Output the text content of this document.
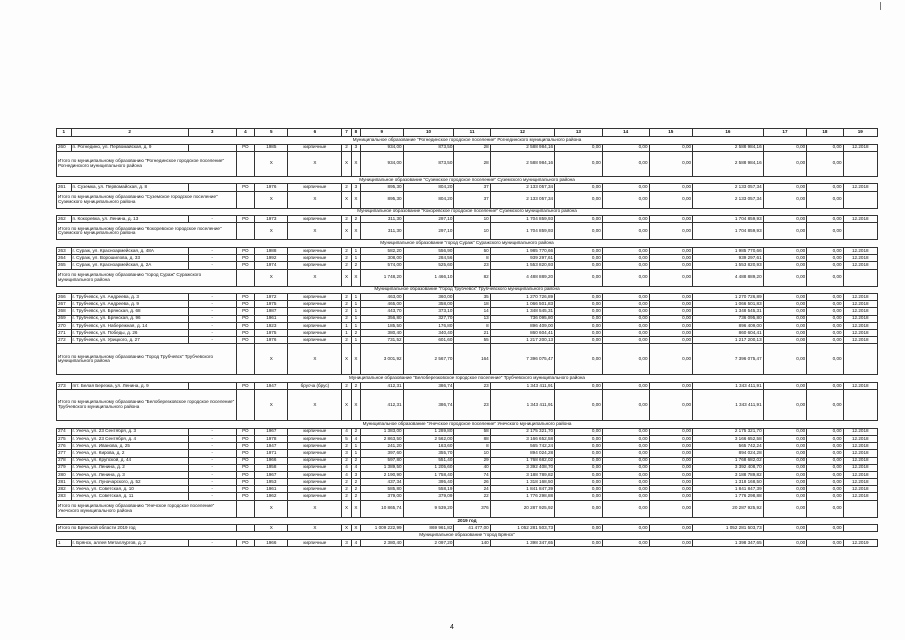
1	2	3	4	5	6	7	8	9	10	11	12	13	14	15	16	17	18	19
Муниципальное образование "Рогнединское городское поселение" Рогнединского муниципального района																		
260	п. Рогнедино, ул. Первомайская, д. 9		РО	1985	кирпичные	2	3	934,00	873,50	28	2 588 984,16	0,00	0,00	0,00	2 588 984,16	0,00	0,00	12.2018
Итого по муниципальному образованию "Рогнединское городское поселение" Рогнединского муниципального района				Х	Х	Х	Х	934,00	873,50	28	2 588 984,16	0,00	0,00	0,00	2 588 984,16	0,00	0,00	
Муниципальное образование "Суземское городское поселение" Суземского муниципального района																		
261	п. Суземка, ул. Первомайская, д. 8		РО	1976	кирпичные	2	3	895,30	804,20	37	2 133 057,34	0,00	0,00	0,00	2 133 057,34	0,00	0,00	12.2018
Итого по муниципальному образованию "Суземское городское поселение" Суземского муниципального района				Х	Х	Х	Х	895,30	804,20	37	2 133 057,34	0,00	0,00	0,00	2 133 057,34	0,00	0,00	
Муниципальное образование "Кокоревское городское поселение" Суземского муниципального района																		
262	п. Кокоревка, ул. Ленина, д. 13	-	РО	1973	кирпичные	2	2	311,30	297,10	10	1 704 859,93	0,00	0,00	0,00	1 704 859,93	0,00	0,00	12.2018
Итого по муниципальному образованию "Кокоревское городское поселение" Суземского муниципального района				Х	Х	Х	Х	311,30	297,10	10	1 704 859,93	0,00	0,00	0,00	1 704 859,93	0,00	0,00	
Муниципальное образование "город Сураж" Суражского муниципального района																		
263	г. Сураж, ул. Красноармейская, д. 48А	-	РО	1988	кирпичные	2	1	582,20	556,90	50	1 985 770,66	0,00	0,00	0,00	1 985 770,66	0,00	0,00	12.2018
264	г. Сураж, ул. Ворошилова, д. 33	-	РО	1992	кирпичные	2	1	308,00	284,56	8	939 297,61	0,00	0,00	0,00	939 297,61	0,00	0,00	12.2018
265	г. Сураж, ул. Красноармейская, д. 2А	-	РО	1974	кирпичные	2	2	574,00	525,60	23	1 553 820,93	0,00	0,00	0,00	1 553 820,93	0,00	0,00	12.2018
Итого по муниципальному образованию "город Сураж" Суражского муниципального района				Х	Х	Х	Х	1 748,20	1 466,10	82	4 488 889,20	0,00	0,00	0,00	4 488 889,20	0,00	0,00	
Муниципальное образование "Город Трубчевск" Трубчевского муниципального района																		
266	г. Трубчевск, ул. Андреева, д. 3	-	РО	1972	кирпичные	2	1	463,00	360,00	35	1 270 726,89	0,00	0,00	0,00	1 270 726,89	0,00	0,00	12.2018
267	г. Трубчевск, ул. Андреева, д. 9	-	РО	1975	кирпичные	2	1	465,00	358,00	18	1 066 501,83	0,00	0,00	0,00	1 066 501,83	0,00	0,00	12.2018
268	г. Трубчевск, ул. Брянская, д. 68	-	РО	1987	кирпичные	2	1	443,70	373,10	14	1 348 545,31	0,00	0,00	0,00	1 348 545,31	0,00	0,00	12.2018
269	г. Трубчевск, ул. Брянская, д. 96	-	РО	1961	кирпичные	2	1	356,80	327,70	13	736 095,80	0,00	0,00	0,00	736 095,80	0,00	0,00	12.2018
270	г. Трубчевск, ул. Набережная, д. 14	-	РО	1923	кирпичные	1	1	185,50	176,80	8	896 409,00	0,00	0,00	0,00	896 409,00	0,00	0,00	12.2018
271	г. Трубчевск, ул. Победы, д. 26	-	РО	1975	кирпичные	1	2	380,40	340,40	21	860 604,41	0,00	0,00	0,00	860 604,41	0,00	0,00	12.2018
272	г. Трубчевск, ул. Урицкого, д. 27	-	РО	1976	кирпичные	2	1	731,52	601,60	55	1 217 200,13	0,00	0,00	0,00	1 217 200,13	0,00	0,00	12.2018
Итого по муниципальному образованию "Город Трубчевск" Трубчевского муниципального района				Х	Х	Х	Х	3 001,92	2 567,70	164	7 396 075,47	0,00	0,00	0,00	7 396 075,47	0,00	0,00	
Муниципальное образование "Белоберезковское городское поселение" Трубчевского муниципального района																		
273	пгт. Белая Березка, ул. Ленина, д. 9		РО	1947	брусча (брус)	2	2	412,31	386,74	23	1 343 411,91	0,00	0,00	0,00	1 343 411,91	0,00	0,00	12.2018
Итого по муниципальному образованию "Белоберезковское городское поселение" Трубчевского муниципального района				Х	Х	Х	Х	412,31	386,74	23	1 343 411,91	0,00	0,00	0,00	1 343 411,91	0,00	0,00	
Муниципальное образование "Унечское городское поселение" Унечского муниципального района																		
274	г. Унеча, ул. 23 Сентября, д. 3	-	РО	1967	кирпичные	4	2	1 383,00	1 289,80	58	2 175 321,70	0,00	0,00	0,00	2 175 321,70	0,00	0,00	12.2018
275	г. Унеча, ул. 23 Сентября, д. 4	-	РО	1978	кирпичные	5	4	2 863,50	2 562,00	88	3 166 652,58	0,00	0,00	0,00	3 166 652,58	0,00	0,00	12.2018
276	г. Унеча, ул. Иванова, д. 25	-	РО	1947	кирпичные	2	1	241,20	163,60	8	565 742,24	0,00	0,00	0,00	565 742,24	0,00	0,00	12.2018
277	г. Унеча, ул. Кирова, д. 2	-	РО	1971	кирпичные	3	1	397,60	355,70	10	894 024,28	0,00	0,00	0,00	894 024,28	0,00	0,00	12.2018
278	г. Унеча, ул. Крупской, д. 44	-	РО	1966	кирпичные	2	2	597,80	551,40	29	1 768 682,02	0,00	0,00	0,00	1 768 682,02	0,00	0,00	12.2018
279	г. Унеча, ул. Ленина, д. 2	-	РО	1958	кирпичные	4	4	1 389,50	1 205,60	40	3 392 408,70	0,00	0,00	0,00	3 392 408,70	0,00	0,00	12.2018
280	г. Унеча, ул. Ленина, д. 3	-	РО	1967	кирпичные	4	3	2 190,90	1 758,40	74	3 188 789,82	0,00	0,00	0,00	3 188 789,82	0,00	0,00	12.2018
281	г. Унеча, ул. Луначарского, д. 52	-	РО	1953	кирпичные	2	2	437,34	395,40	26	1 318 168,50	0,00	0,00	0,00	1 318 168,50	0,00	0,00	12.2018
282	г. Унеча, ул. Советская, д. 10	-	РО	1961	кирпичные	2	2	585,80	558,19	24	1 841 847,39	0,00	0,00	0,00	1 841 847,39	0,00	0,00	12.2018
283	г. Унеча, ул. Советская, д. 11	-	РО	1962	кирпичные	2	2	379,00	379,09	22	1 776 298,88	0,00	0,00	0,00	1 776 298,88	0,00	0,00	12.2018
Итого по муниципальному образованию "Унечское городское поселение" Унечского муниципального района				Х	Х	Х	Х	10 865,74	9 539,20	376	20 287 925,92	0,00	0,00	0,00	20 287 925,92	0,00	0,00	
2019 год																		
Итого по Брянской области 2019 год				Х	Х	Х	Х	1 009 222,99	869 961,82	41 477,00	1 052 281 503,73	0,00	0,00	0,00	1 052 281 503,73	0,00	0,00	
Муниципальное образование "город Брянск"																		
1	г. Брянск, аллея Металлургов, д. 2	-	РО	1966	кирпичные	3	4	2 380,40	2 097,20	140	1 398 347,65	0,00	0,00	0,00	1 398 347,65	0,00	0,00	12.2019
4
